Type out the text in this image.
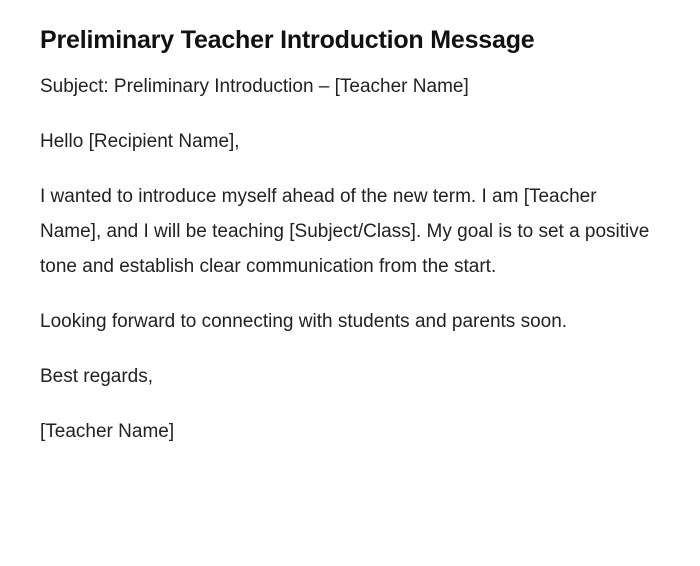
Preliminary Teacher Introduction Message

Subject: Preliminary Introduction – [Teacher Name]

Hello [Recipient Name],

I wanted to introduce myself ahead of the new term. I am [Teacher Name], and I will be teaching [Subject/Class]. My goal is to set a positive tone and establish clear communication from the start.

Looking forward to connecting with students and parents soon.

Best regards,

[Teacher Name]
